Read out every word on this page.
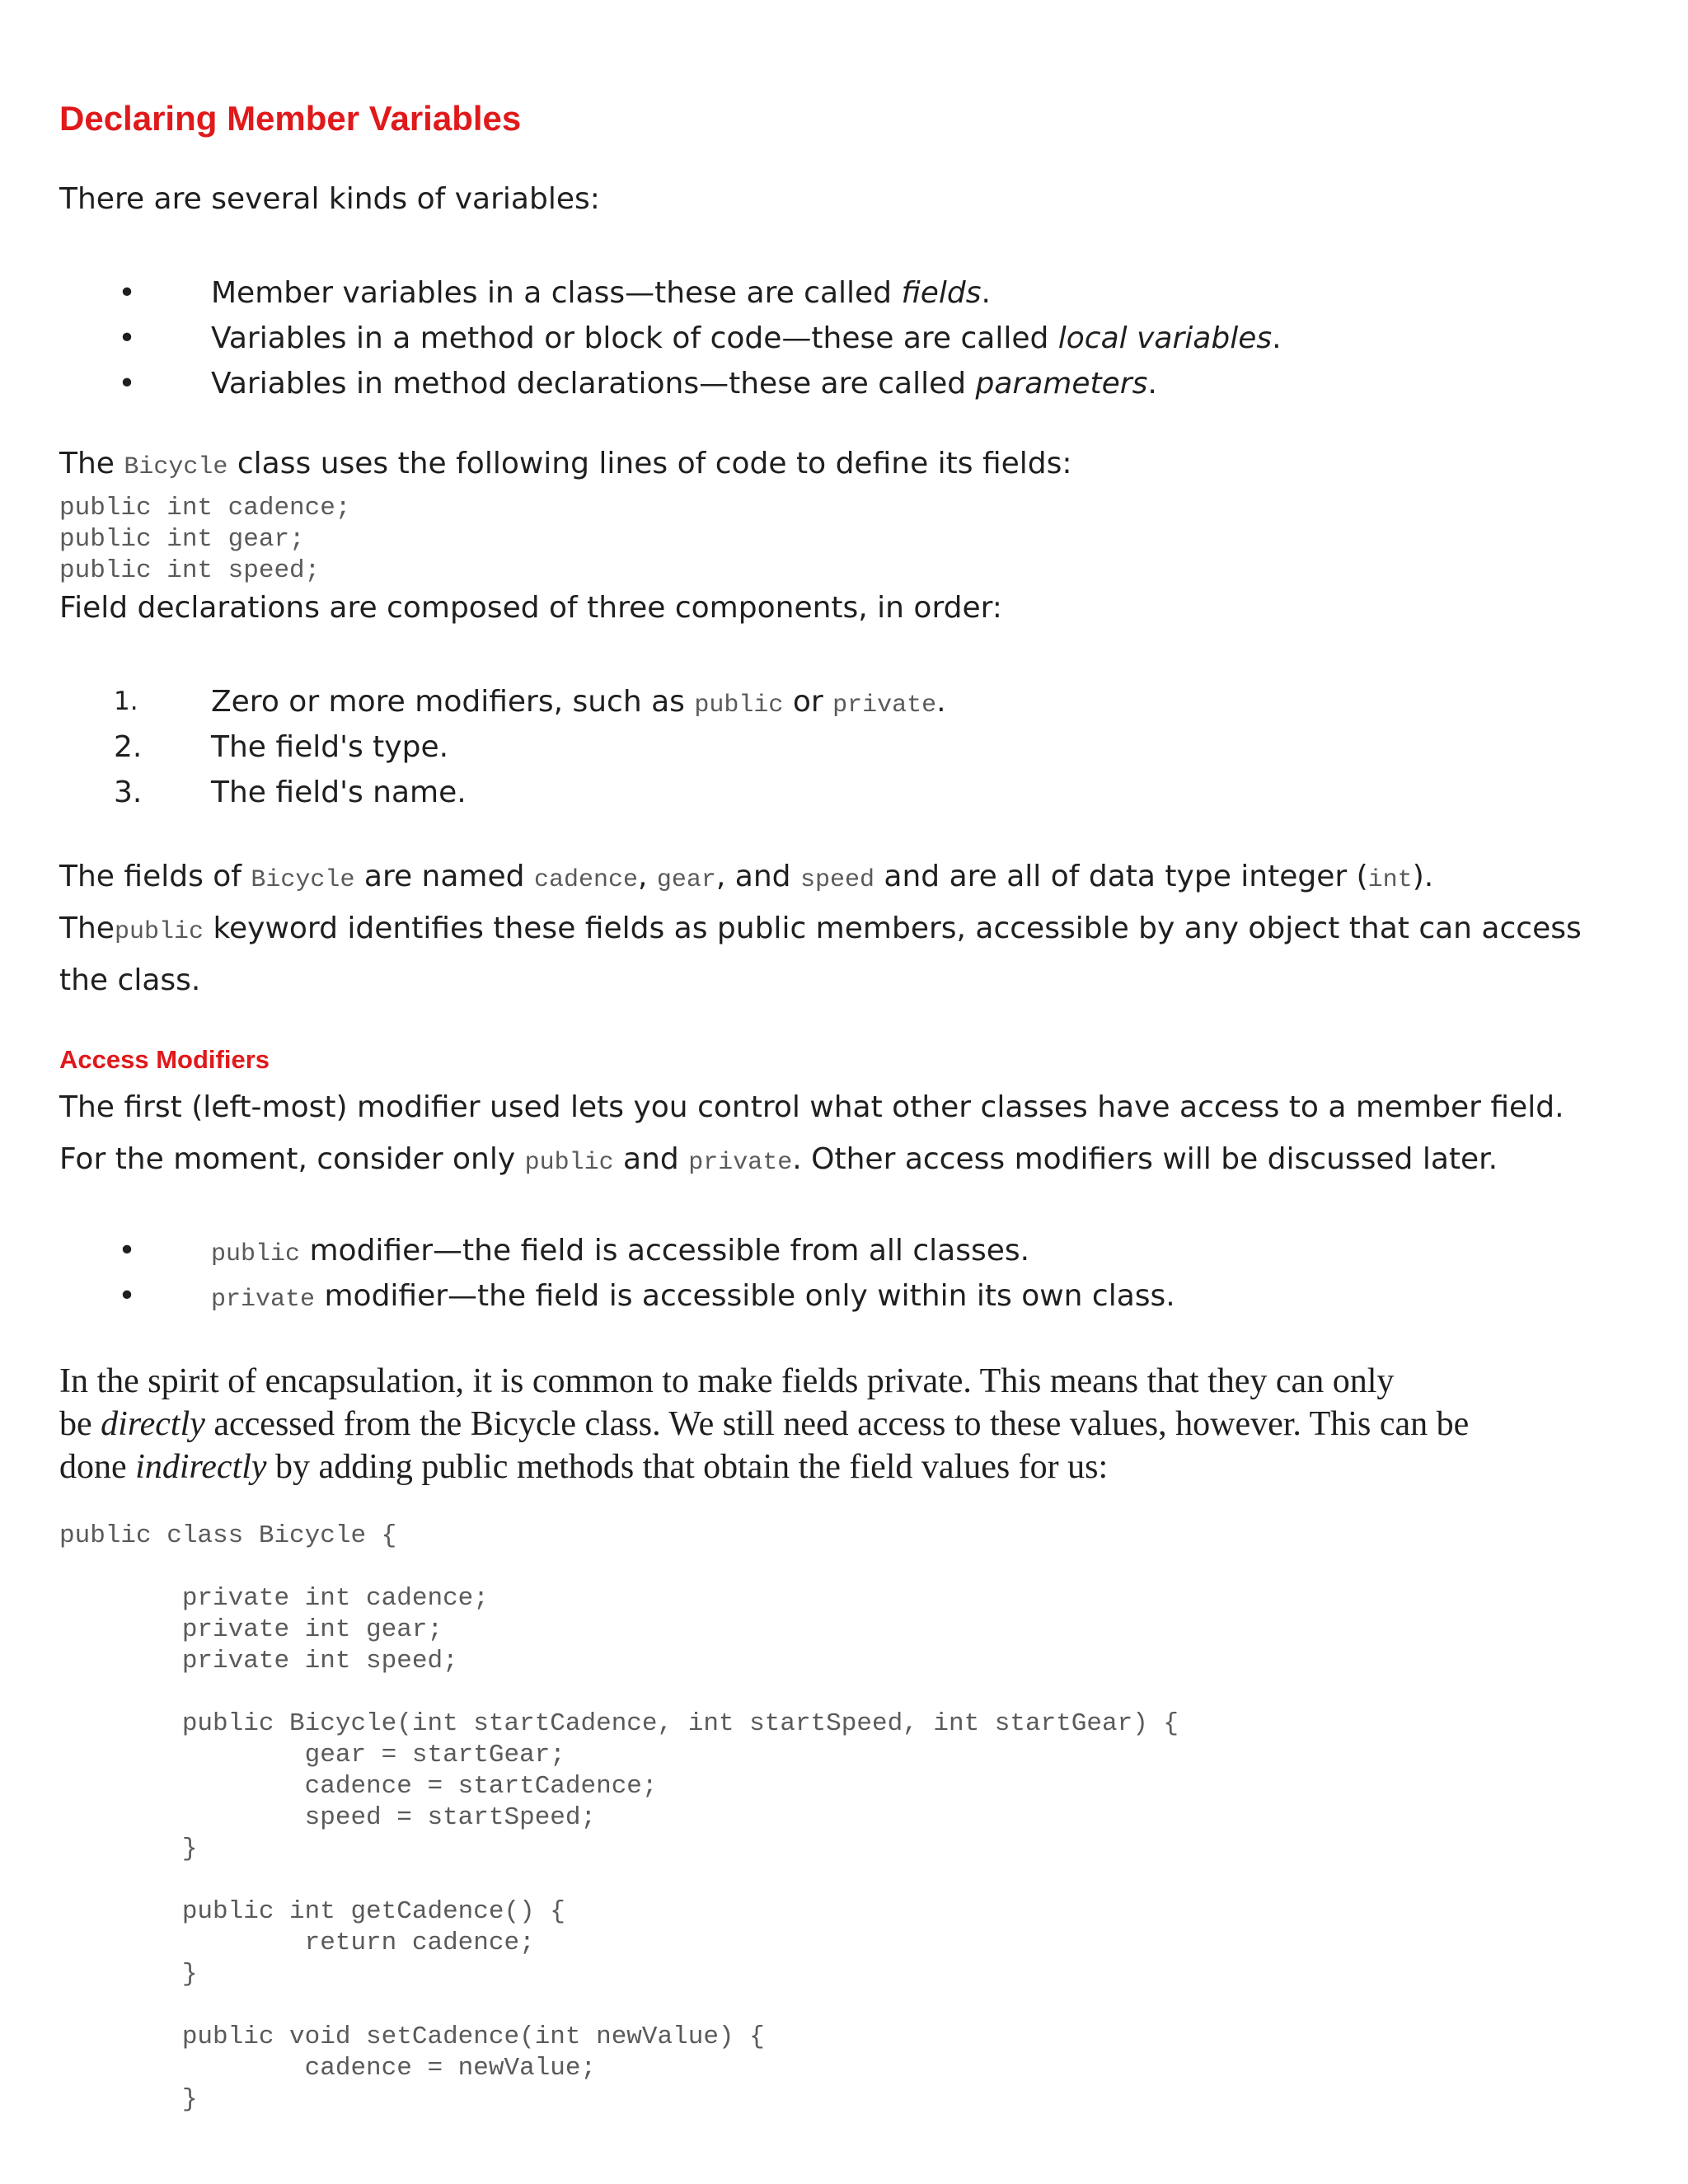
Declaring Member Variables

There are several kinds of variables:

•	Member variables in a class—these are called fields.
•	Variables in a method or block of code—these are called local variables.
•	Variables in method declarations—these are called parameters.

The Bicycle class uses the following lines of code to define its fields:

public int cadence;
public int gear;
public int speed;

Field declarations are composed of three components, in order:

1.	Zero or more modifiers, such as public or private.
2.	The field's type.
3.	The field's name.

The fields of Bicycle are named cadence, gear, and speed and are all of data type integer (int).

Thepublic keyword identifies these fields as public members, accessible by any object that can access

the class.

Access Modifiers

The first (left-most) modifier used lets you control what other classes have access to a member field.

For the moment, consider only public and private. Other access modifiers will be discussed later.

•	public modifier—the field is accessible from all classes.
•	private modifier—the field is accessible only within its own class.

In the spirit of encapsulation, it is common to make fields private. This means that they can only

be directly accessed from the Bicycle class. We still need access to these values, however. This can be

done indirectly by adding public methods that obtain the field values for us:

public class Bicycle {
private int cadence;
private int gear;
private int speed;
public Bicycle(int startCadence, int startSpeed, int startGear) {
gear = startGear;
cadence = startCadence;
speed = startSpeed;
}
public int getCadence() {
return cadence;
}
public void setCadence(int newValue) {
cadence = newValue;
}
